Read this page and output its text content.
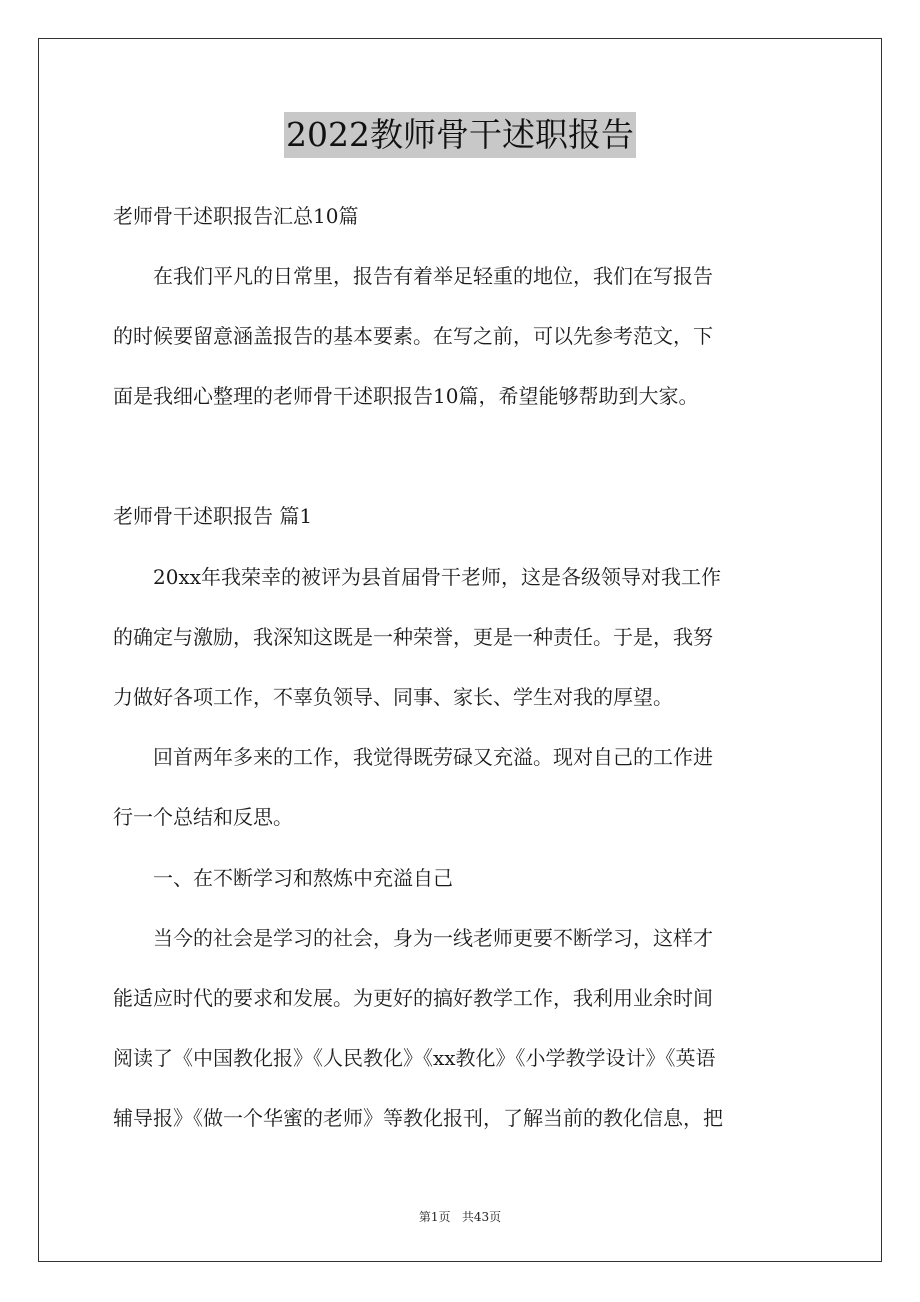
2022教师骨干述职报告
老师骨干述职报告汇总10篇
　　在我们平凡的日常里，报告有着举足轻重的地位，我们在写报告
的时候要留意涵盖报告的基本要素。在写之前，可以先参考范文，下
面是我细心整理的老师骨干述职报告10篇，希望能够帮助到大家。
老师骨干述职报告 篇1
　　20xx年我荣幸的被评为县首届骨干老师，这是各级领导对我工作
的确定与激励，我深知这既是一种荣誉，更是一种责任。于是，我努
力做好各项工作，不辜负领导、同事、家长、学生对我的厚望。
　　回首两年多来的工作，我觉得既劳碌又充溢。现对自己的工作进
行一个总结和反思。
　　一、在不断学习和熬炼中充溢自己
　　当今的社会是学习的社会，身为一线老师更要不断学习，这样才
能适应时代的要求和发展。为更好的搞好教学工作，我利用业余时间
阅读了《中国教化报》《人民教化》《xx教化》《小学教学设计》《英语
辅导报》《做一个华蜜的老师》等教化报刊，了解当前的教化信息，把
第1页 共43页
